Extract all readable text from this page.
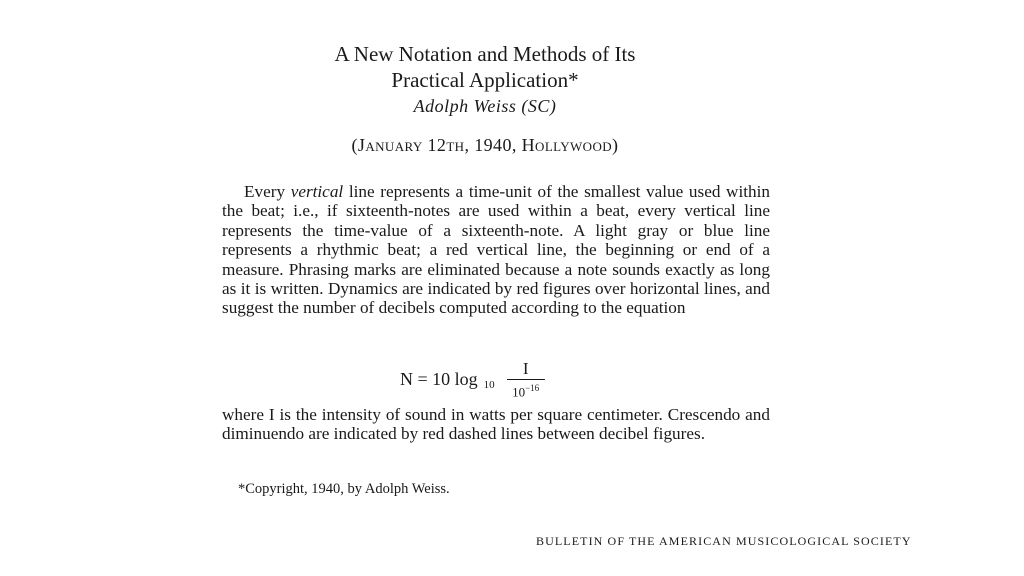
A New Notation and Methods of Its
Practical Application*
Adolph Weiss (SC)
(January 12th, 1940, Hollywood)

Every vertical line represents a time-unit of the smallest value used within the beat; i.e., if sixteenth-notes are used within a beat, every vertical line represents the time-value of a sixteenth-note. A light gray or blue line represents a rhythmic beat; a red vertical line, the beginning or end of a measure. Phrasing marks are eliminated because a note sounds exactly as long as it is written. Dynamics are indicated by red figures over horizontal lines, and suggest the number of decibels computed according to the equation

N = 10 $\log 10 \frac{I}{10^{-16}}$
where I is the intensity of sound in watts per square centimeter. Crescendo and diminuendo are indicated by red dashed lines between decibel figures.
*Copyright, 1940, by Adolph Weiss.
BULLETIN OF THE AMERICAN MUSICOLOGICAL SOCIETY
